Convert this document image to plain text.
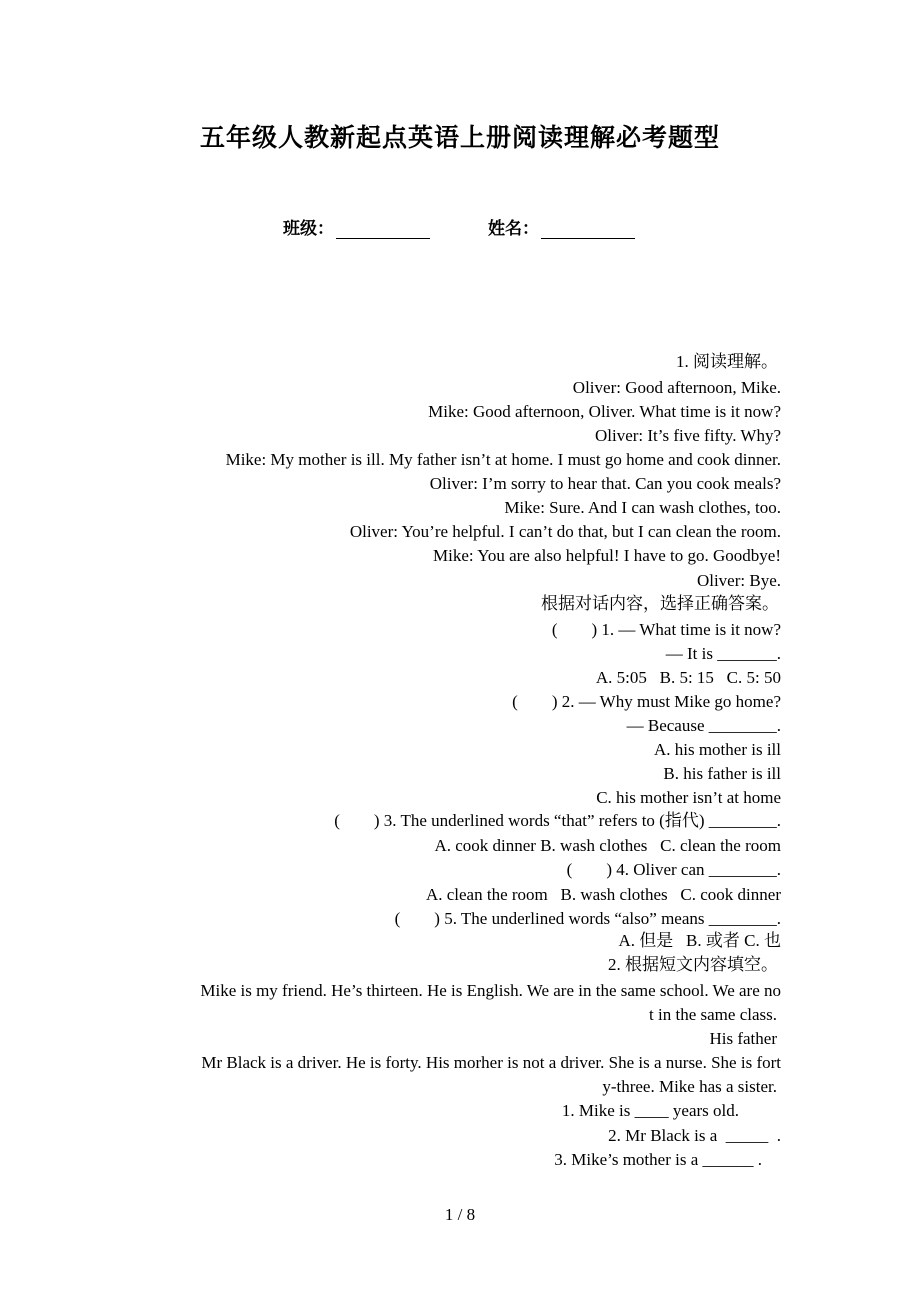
五年级人教新起点英语上册阅读理解必考题型
班级：	姓名：
1. 阅读理解。
Oliver: Good afternoon, Mike.
Mike: Good afternoon, Oliver. What time is it now?
Oliver: It’s five fifty. Why?
Mike: My mother is ill. My father isn’t at home. I must go home and cook dinner.
Oliver: I’m sorry to hear that. Can you cook meals?
Mike: Sure. And I can wash clothes, too.
Oliver: You’re helpful. I can’t do that, but I can clean the room.
Mike: You are also helpful! I have to go. Goodbye!
Oliver: Bye.
根据对话内容，选择正确答案。
(        ) 1. — What time is it now?
— It is _______.
A. 5:05   B. 5: 15   C. 5: 50
(        ) 2. — Why must Mike go home?
— Because ________.
A. his mother is ill
B. his father is ill
C. his mother isn’t at home
(        ) 3. The underlined words “that” refers to (指代) ________.
A. cook dinner B. wash clothes   C. clean the room
(        ) 4. Oliver can ________.
A. clean the room   B. wash clothes   C. cook dinner
(        ) 5. The underlined words “also” means ________.
A. 但是   B. 或者 C. 也
2. 根据短文内容填空。
Mike is my friend. He’s thirteen. He is English. We are in the same school. We are no
t in the same class.
His father
Mr Black is a driver. He is forty. His morher is not a driver. She is a nurse. She is fort
y-three. Mike has a sister.
1. Mike is ____ years old.
2. Mr Black is a  _____  .
3. Mike’s mother is a ______ .
1 / 8
